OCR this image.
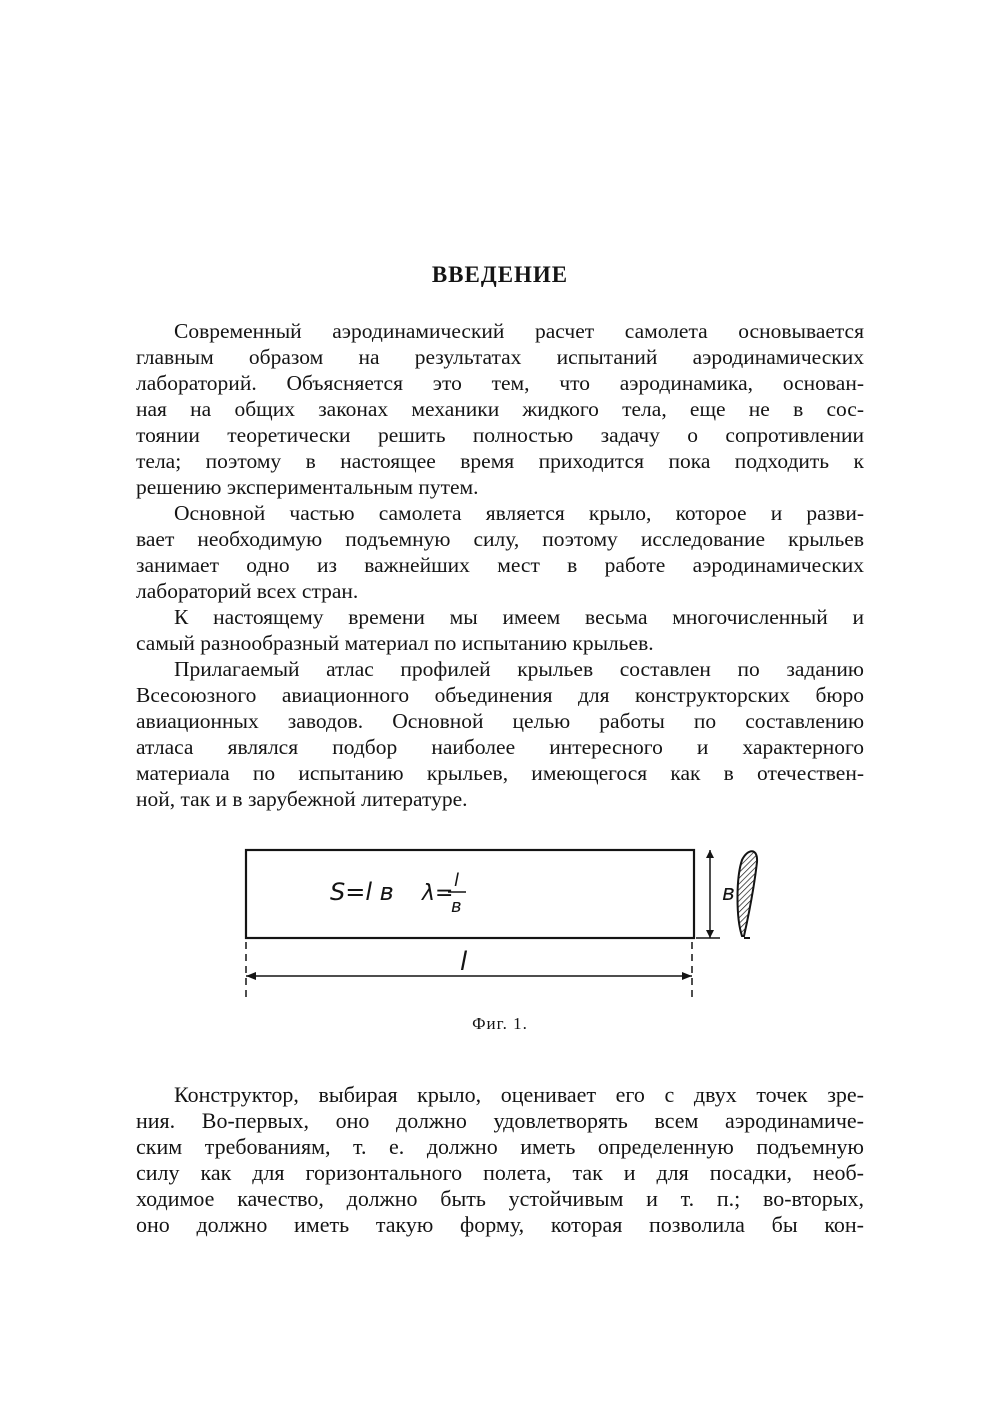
ВВЕДЕНИЕ
Современный аэродинамический расчет самолета основывается
главным образом на результатах испытаний аэродинамических
лабораторий. Объясняется это тем, что аэродинамика, основан-
ная на общих законах механики жидкого тела, еще не в сос-
тоянии теоретически решить полностью задачу о сопротивлении
тела; поэтому в настоящее время приходится пока подходить к
решению экспериментальным путем.
Основной частью самолета является крыло, которое и разви-
вает необходимую подъемную силу, поэтому исследование крыльев
занимает одно из важнейших мест в работе аэродинамических
лабораторий всех стран.
К настоящему времени мы имеем весьма многочисленный и
самый разнообразный материал по испытанию крыльев.
Прилагаемый атлас профилей крыльев составлен по заданию
Всесоюзного авиационного объединения для конструкторских бюро
авиационных заводов. Основной целью работы по составлению
атласа являлся подбор наиболее интересного и характерного
материала по испытанию крыльев, имеющегося как в отечествен-
ной, так и в зарубежной литературе.
S=l в λ=
l
в
в
l
Фиг. 1.
Конструктор, выбирая крыло, оценивает его с двух точек зре-
ния. Во-первых, оно должно удовлетворять всем аэродинамиче-
ским требованиям, т. е. должно иметь определенную подъемную
силу как для горизонтального полета, так и для посадки, необ-
ходимое качество, должно быть устойчивым и т. п.; во-вторых,
оно должно иметь такую форму, которая позволила бы кон-
